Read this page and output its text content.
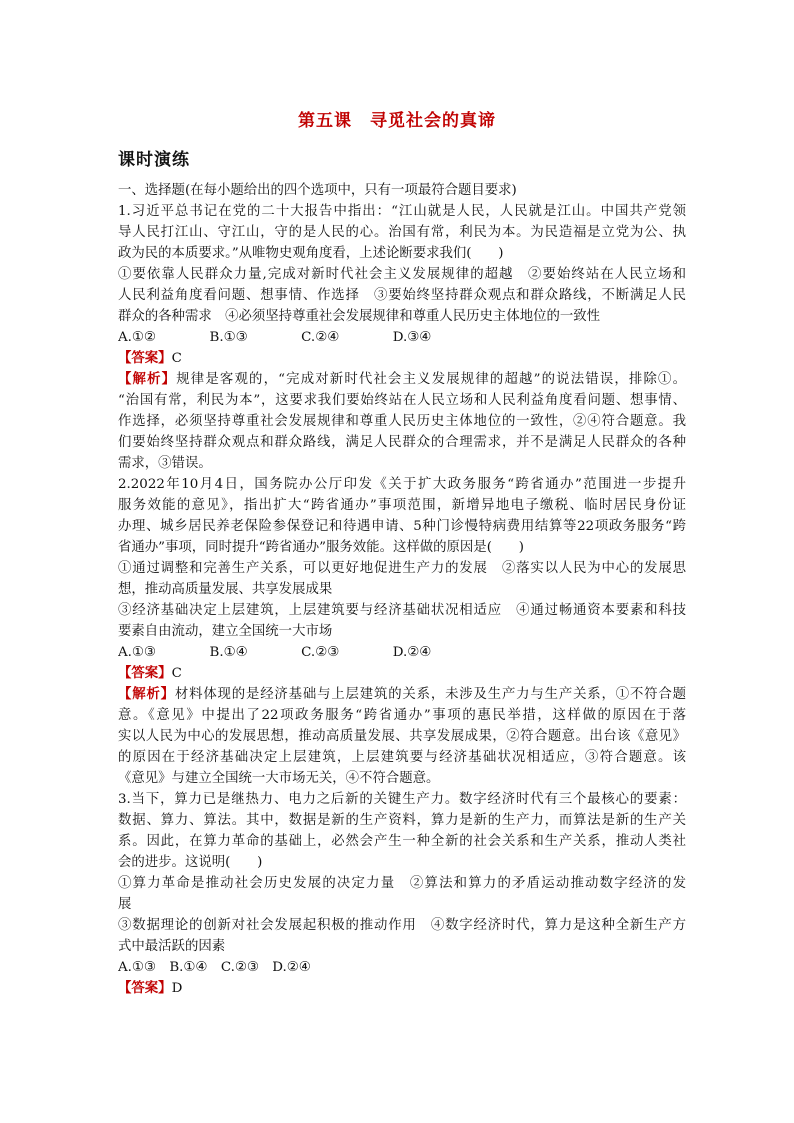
第五课　寻觅社会的真谛
课时演练
一、选择题(在每小题给出的四个选项中，只有一项最符合题目要求)
1.习近平总书记在党的二十大报告中指出：“江山就是人民，人民就是江山。中国共产党领
导人民打江山、守江山，守的是人民的心。治国有常，利民为本。为民造福是立党为公、执
政为民的本质要求。”从唯物史观角度看，上述论断要求我们(　　)
①要依靠人民群众力量,完成对新时代社会主义发展规律的超越　②要始终站在人民立场和
人民利益角度看问题、想事情、作选择　③要始终坚持群众观点和群众路线，不断满足人民
群众的各种需求　④必须坚持尊重社会发展规律和尊重人民历史主体地位的一致性
A.①②　　　　B.①③　　　　C.②④　　　　D.③④
【答案】C
【解析】规律是客观的，“完成对新时代社会主义发展规律的超越”的说法错误，排除①。
“治国有常，利民为本”，这要求我们要始终站在人民立场和人民利益角度看问题、想事情、
作选择，必须坚持尊重社会发展规律和尊重人民历史主体地位的一致性，②④符合题意。我
们要始终坚持群众观点和群众路线，满足人民群众的合理需求，并不是满足人民群众的各种
需求，③错误。
2.2022年10月4日，国务院办公厅印发《关于扩大政务服务“跨省通办”范围进一步提升
服务效能的意见》，指出扩大“跨省通办”事项范围，新增异地电子缴税、临时居民身份证
办理、城乡居民养老保险参保登记和待遇申请、5种门诊慢特病费用结算等22项政务服务“跨
省通办”事项，同时提升“跨省通办”服务效能。这样做的原因是(　　)
①通过调整和完善生产关系，可以更好地促进生产力的发展　②落实以人民为中心的发展思
想，推动高质量发展、共享发展成果
③经济基础决定上层建筑，上层建筑要与经济基础状况相适应　④通过畅通资本要素和科技
要素自由流动，建立全国统一大市场
A.①③　　　　B.①④　　　　C.②③　　　　D.②④
【答案】C
【解析】材料体现的是经济基础与上层建筑的关系，未涉及生产力与生产关系，①不符合题
意。《意见》中提出了22项政务服务“跨省通办”事项的惠民举措，这样做的原因在于落
实以人民为中心的发展思想，推动高质量发展、共享发展成果，②符合题意。出台该《意见》
的原因在于经济基础决定上层建筑，上层建筑要与经济基础状况相适应，③符合题意。该
《意见》与建立全国统一大市场无关，④不符合题意。
3.当下，算力已是继热力、电力之后新的关键生产力。数字经济时代有三个最核心的要素：
数据、算力、算法。其中，数据是新的生产资料，算力是新的生产力，而算法是新的生产关
系。因此，在算力革命的基础上，必然会产生一种全新的社会关系和生产关系，推动人类社
会的进步。这说明(　　)
①算力革命是推动社会历史发展的决定力量　②算法和算力的矛盾运动推动数字经济的发
展
③数据理论的创新对社会发展起积极的推动作用　④数字经济时代，算力是这种全新生产方
式中最活跃的因素
A.①③　B.①④　C.②③　D.②④
【答案】D
